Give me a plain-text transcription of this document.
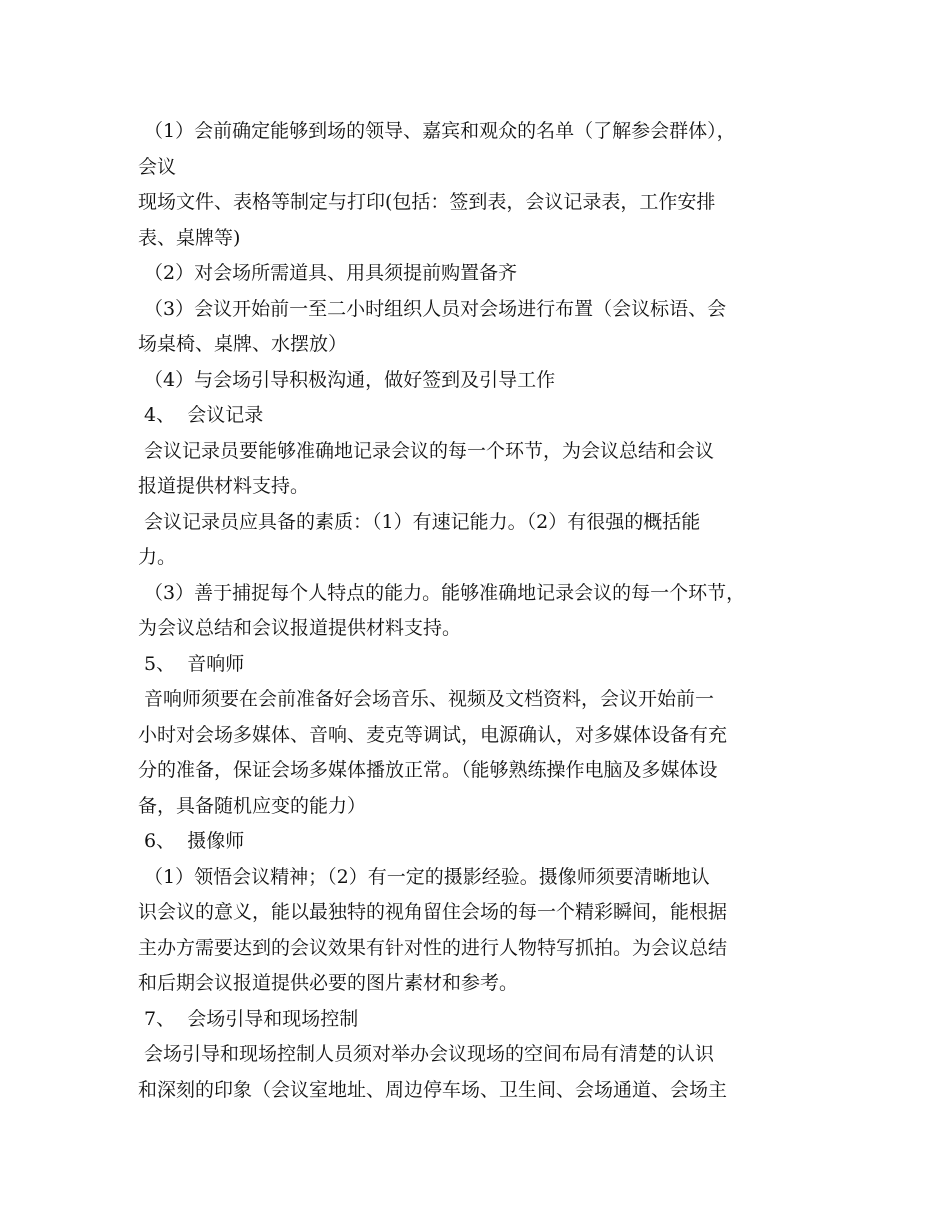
（1）会前确定能够到场的领导、嘉宾和观众的名单（了解参会群体），
会议
现场文件、表格等制定与打印(包括：签到表，会议记录表，工作安排
表、桌牌等)
（2）对会场所需道具、用具须提前购置备齐
（3）会议开始前一至二小时组织人员对会场进行布置（会议标语、会
场桌椅、桌牌、水摆放）
（4）与会场引导积极沟通，做好签到及引导工作
4、  会议记录
会议记录员要能够准确地记录会议的每一个环节，为会议总结和会议
报道提供材料支持。
会议记录员应具备的素质：（1）有速记能力。（2）有很强的概括能
力。
（3）善于捕捉每个人特点的能力。能够准确地记录会议的每一个环节，
为会议总结和会议报道提供材料支持。
5、  音响师
音响师须要在会前准备好会场音乐、视频及文档资料，会议开始前一
小时对会场多媒体、音响、麦克等调试，电源确认，对多媒体设备有充
分的准备，保证会场多媒体播放正常。（能够熟练操作电脑及多媒体设
备，具备随机应变的能力）
6、  摄像师
（1）领悟会议精神；（2）有一定的摄影经验。摄像师须要清晰地认
识会议的意义，能以最独特的视角留住会场的每一个精彩瞬间，能根据
主办方需要达到的会议效果有针对性的进行人物特写抓拍。为会议总结
和后期会议报道提供必要的图片素材和参考。
7、  会场引导和现场控制
会场引导和现场控制人员须对举办会议现场的空间布局有清楚的认识
和深刻的印象（会议室地址、周边停车场、卫生间、会场通道、会场主
